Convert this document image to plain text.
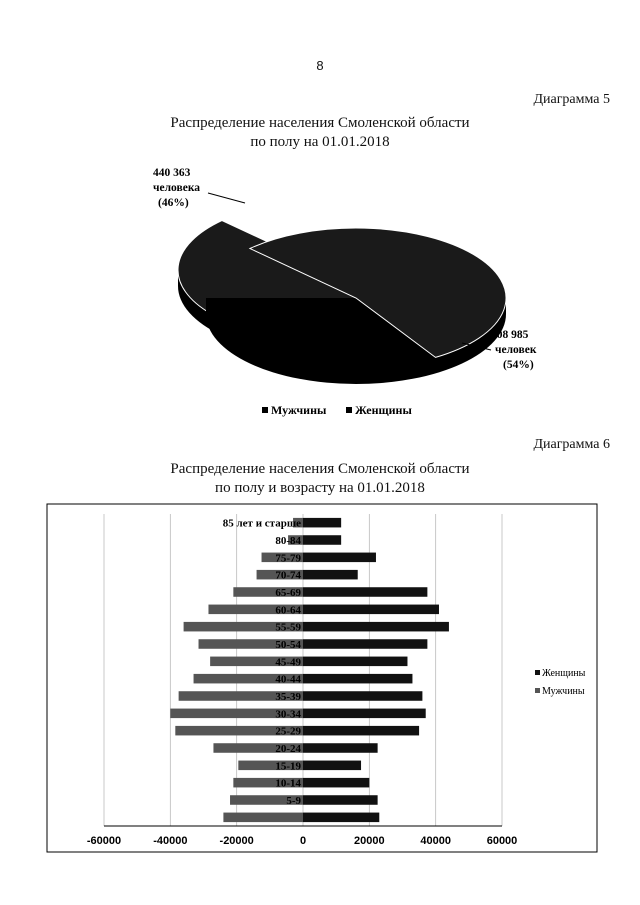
8
Диаграмма 5
Распределение населения Смоленской области
по полу на 01.01.2018
Диаграмма 6
Распределение населения Смоленской области
по полу и возрасту на 01.01.2018
440 363
человека
(46%)
508 985
человек
(54%)
Мужчины Женщины
-60000	-40000	-20000	0	20000	40000	60000
5-9
10-14
15-19
20-24
25-29
30-34
35-39
40-44
45-49
50-54
55-59
60-64
65-69
70-74
75-79
80-84
85 лет и старше
Женщины
Мужчины
